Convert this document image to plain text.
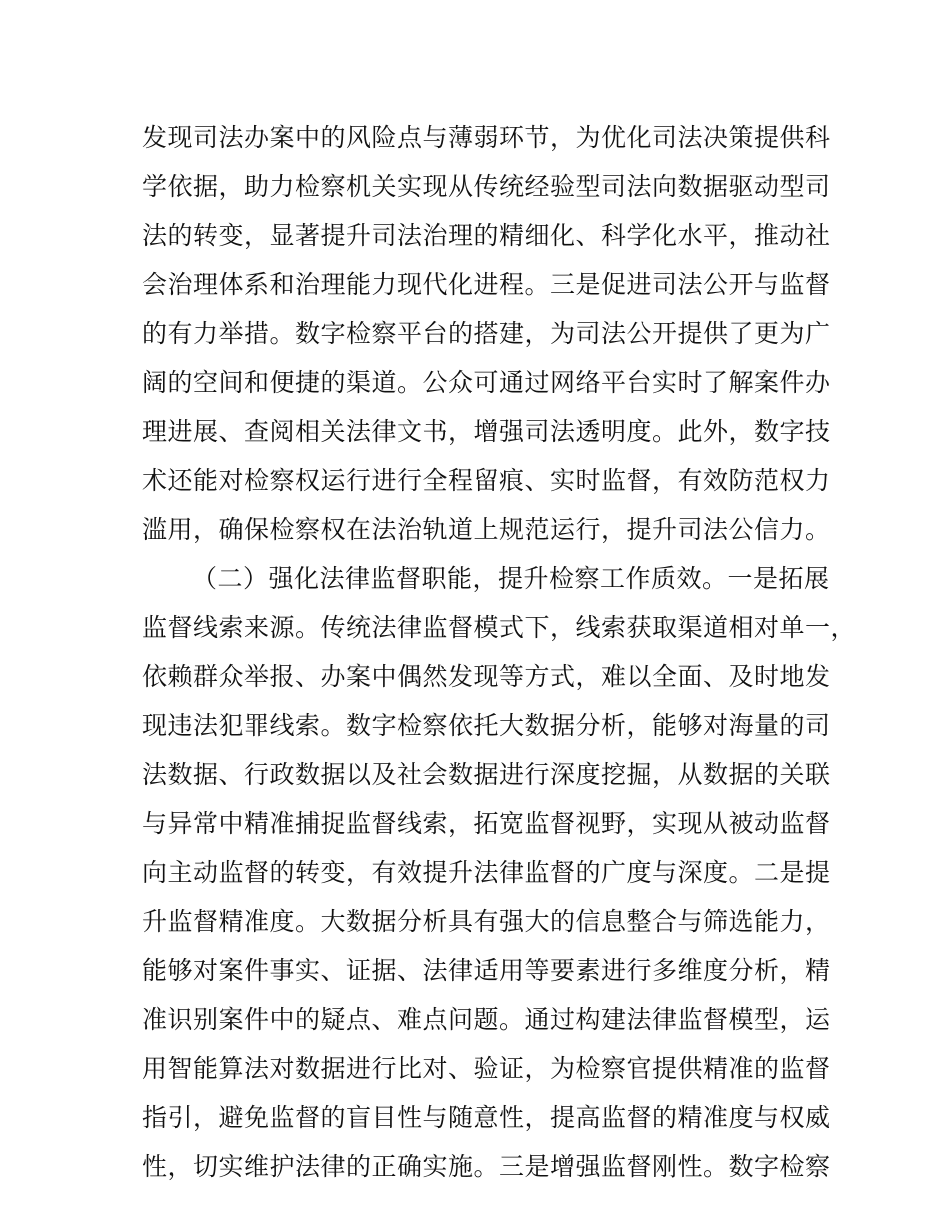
发现司法办案中的风险点与薄弱环节，为优化司法决策提供科
学依据，助力检察机关实现从传统经验型司法向数据驱动型司
法的转变，显著提升司法治理的精细化、科学化水平，推动社
会治理体系和治理能力现代化进程。三是促进司法公开与监督
的有力举措。数字检察平台的搭建，为司法公开提供了更为广
阔的空间和便捷的渠道。公众可通过网络平台实时了解案件办
理进展、查阅相关法律文书，增强司法透明度。此外，数字技
术还能对检察权运行进行全程留痕、实时监督，有效防范权力
滥用，确保检察权在法治轨道上规范运行，提升司法公信力。
（二）强化法律监督职能，提升检察工作质效。一是拓展
监督线索来源。传统法律监督模式下，线索获取渠道相对单一，
依赖群众举报、办案中偶然发现等方式，难以全面、及时地发
现违法犯罪线索。数字检察依托大数据分析，能够对海量的司
法数据、行政数据以及社会数据进行深度挖掘，从数据的关联
与异常中精准捕捉监督线索，拓宽监督视野，实现从被动监督
向主动监督的转变，有效提升法律监督的广度与深度。二是提
升监督精准度。大数据分析具有强大的信息整合与筛选能力，
能够对案件事实、证据、法律适用等要素进行多维度分析，精
准识别案件中的疑点、难点问题。通过构建法律监督模型，运
用智能算法对数据进行比对、验证，为检察官提供精准的监督
指引，避免监督的盲目性与随意性，提高监督的精准度与权威
性，切实维护法律的正确实施。三是增强监督刚性。数字检察
